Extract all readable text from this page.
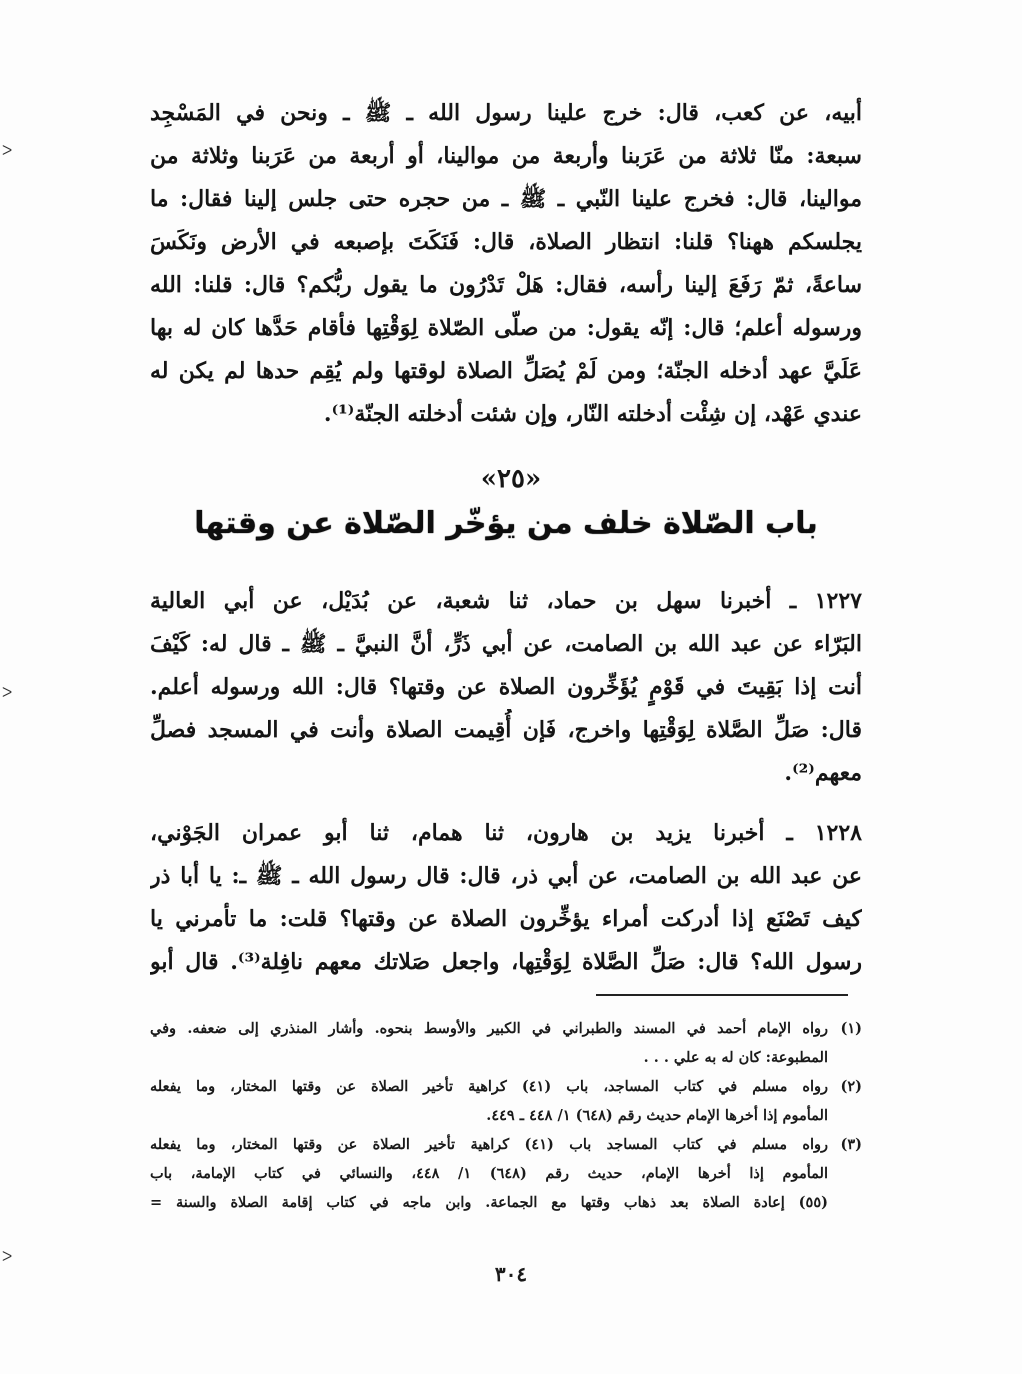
ᐳ
ᐳ
ᐳ
أبيه، عن كعب، قال: خرج علينا رسول الله ـ ﷺ ـ ونحن في المَسْجِد
سبعة: منّا ثلاثة من عَرَبنا وأربعة من موالينا، أو أربعة من عَرَبنا وثلاثة من
موالينا، قال: فخرج علينا النّبي ـ ﷺ ـ من حجره حتى جلس إلينا فقال: ما
يجلسكم ههنا؟ قلنا: انتظار الصلاة، قال: فَنَكَتَ بإصبعه في الأرض ونَكَسَ
ساعةً، ثمّ رَفَعَ إلينا رأسه، فقال: هَلْ تَدْرُون ما يقول ربُّكم؟ قال: قلنا: الله
ورسوله أعلم؛ قال: إنّه يقول: من صلّى الصّلاة لِوَقْتِها فأقام حَدَّها كان له بها
عَلَيَّ عهد أدخله الجنّة؛ ومن لَمْ يُصَلِّ الصلاة لوقتها ولم يُقِم حدها لم يكن له
عندي عَهْد، إن شِئْت أدخلته النّار، وإن شئت أدخلته الجنّة⁽¹⁾.
«٢٥»
باب الصّلاة خلف من يؤخّر الصّلاة عن وقتها
١٢٢٧ ـ أخبرنا سهل بن حماد، ثنا شعبة، عن بُدَيْل، عن أبي العالية
البَرّاء عن عبد الله بن الصامت، عن أبي ذَرٍّ، أنَّ النبيَّ ـ ﷺ ـ قال له: كَيْفَ
أنت إذا بَقِيتَ في قَوْمٍ يُؤَخِّرون الصلاة عن وقتها؟ قال: الله ورسوله أعلم.
قال: صَلِّ الصَّلاة لِوَقْتِها واخرج، فَإن أُقِيمت الصلاة وأنت في المسجد فصلِّ
معهم⁽²⁾.
١٢٢٨ ـ أخبرنا يزيد بن هارون، ثنا همام، ثنا أبو عمران الجَوْني،
عن عبد الله بن الصامت، عن أبي ذر، قال: قال رسول الله ـ ﷺ ـ: يا أبا ذر
كيف تَصْنَع إذا أدركت أمراء يؤخِّرون الصلاة عن وقتها؟ قلت: ما تأمرني يا
رسول الله؟ قال: صَلِّ الصَّلاة لِوَقْتِها، واجعل صَلاتك معهم نافِلة⁽³⁾. قال أبو
(١)
رواه الإمام أحمد في المسند والطبراني في الكبير والأوسط بنحوه. وأشار المنذري إلى ضعفه. وفي
المطبوعة: كان له به علي . . .
(٢)
رواه مسلم في كتاب المساجد، باب (٤١) كراهية تأخير الصلاة عن وقتها المختار، وما يفعله
المأموم إذا أخرها الإمام حديث رقم (٦٤٨) ١/ ٤٤٨ ـ ٤٤٩.
(٣)
رواه مسلم في كتاب المساجد باب (٤١) كراهية تأخير الصلاة عن وقتها المختار، وما يفعله
المأموم إذا أخرها الإمام، حديث رقم (٦٤٨) ١/ ٤٤٨، والنسائي في كتاب الإمامة، باب
(٥٥) إعادة الصلاة بعد ذهاب وقتها مع الجماعة. وابن ماجه في كتاب إقامة الصلاة والسنة =
٣٠٤
